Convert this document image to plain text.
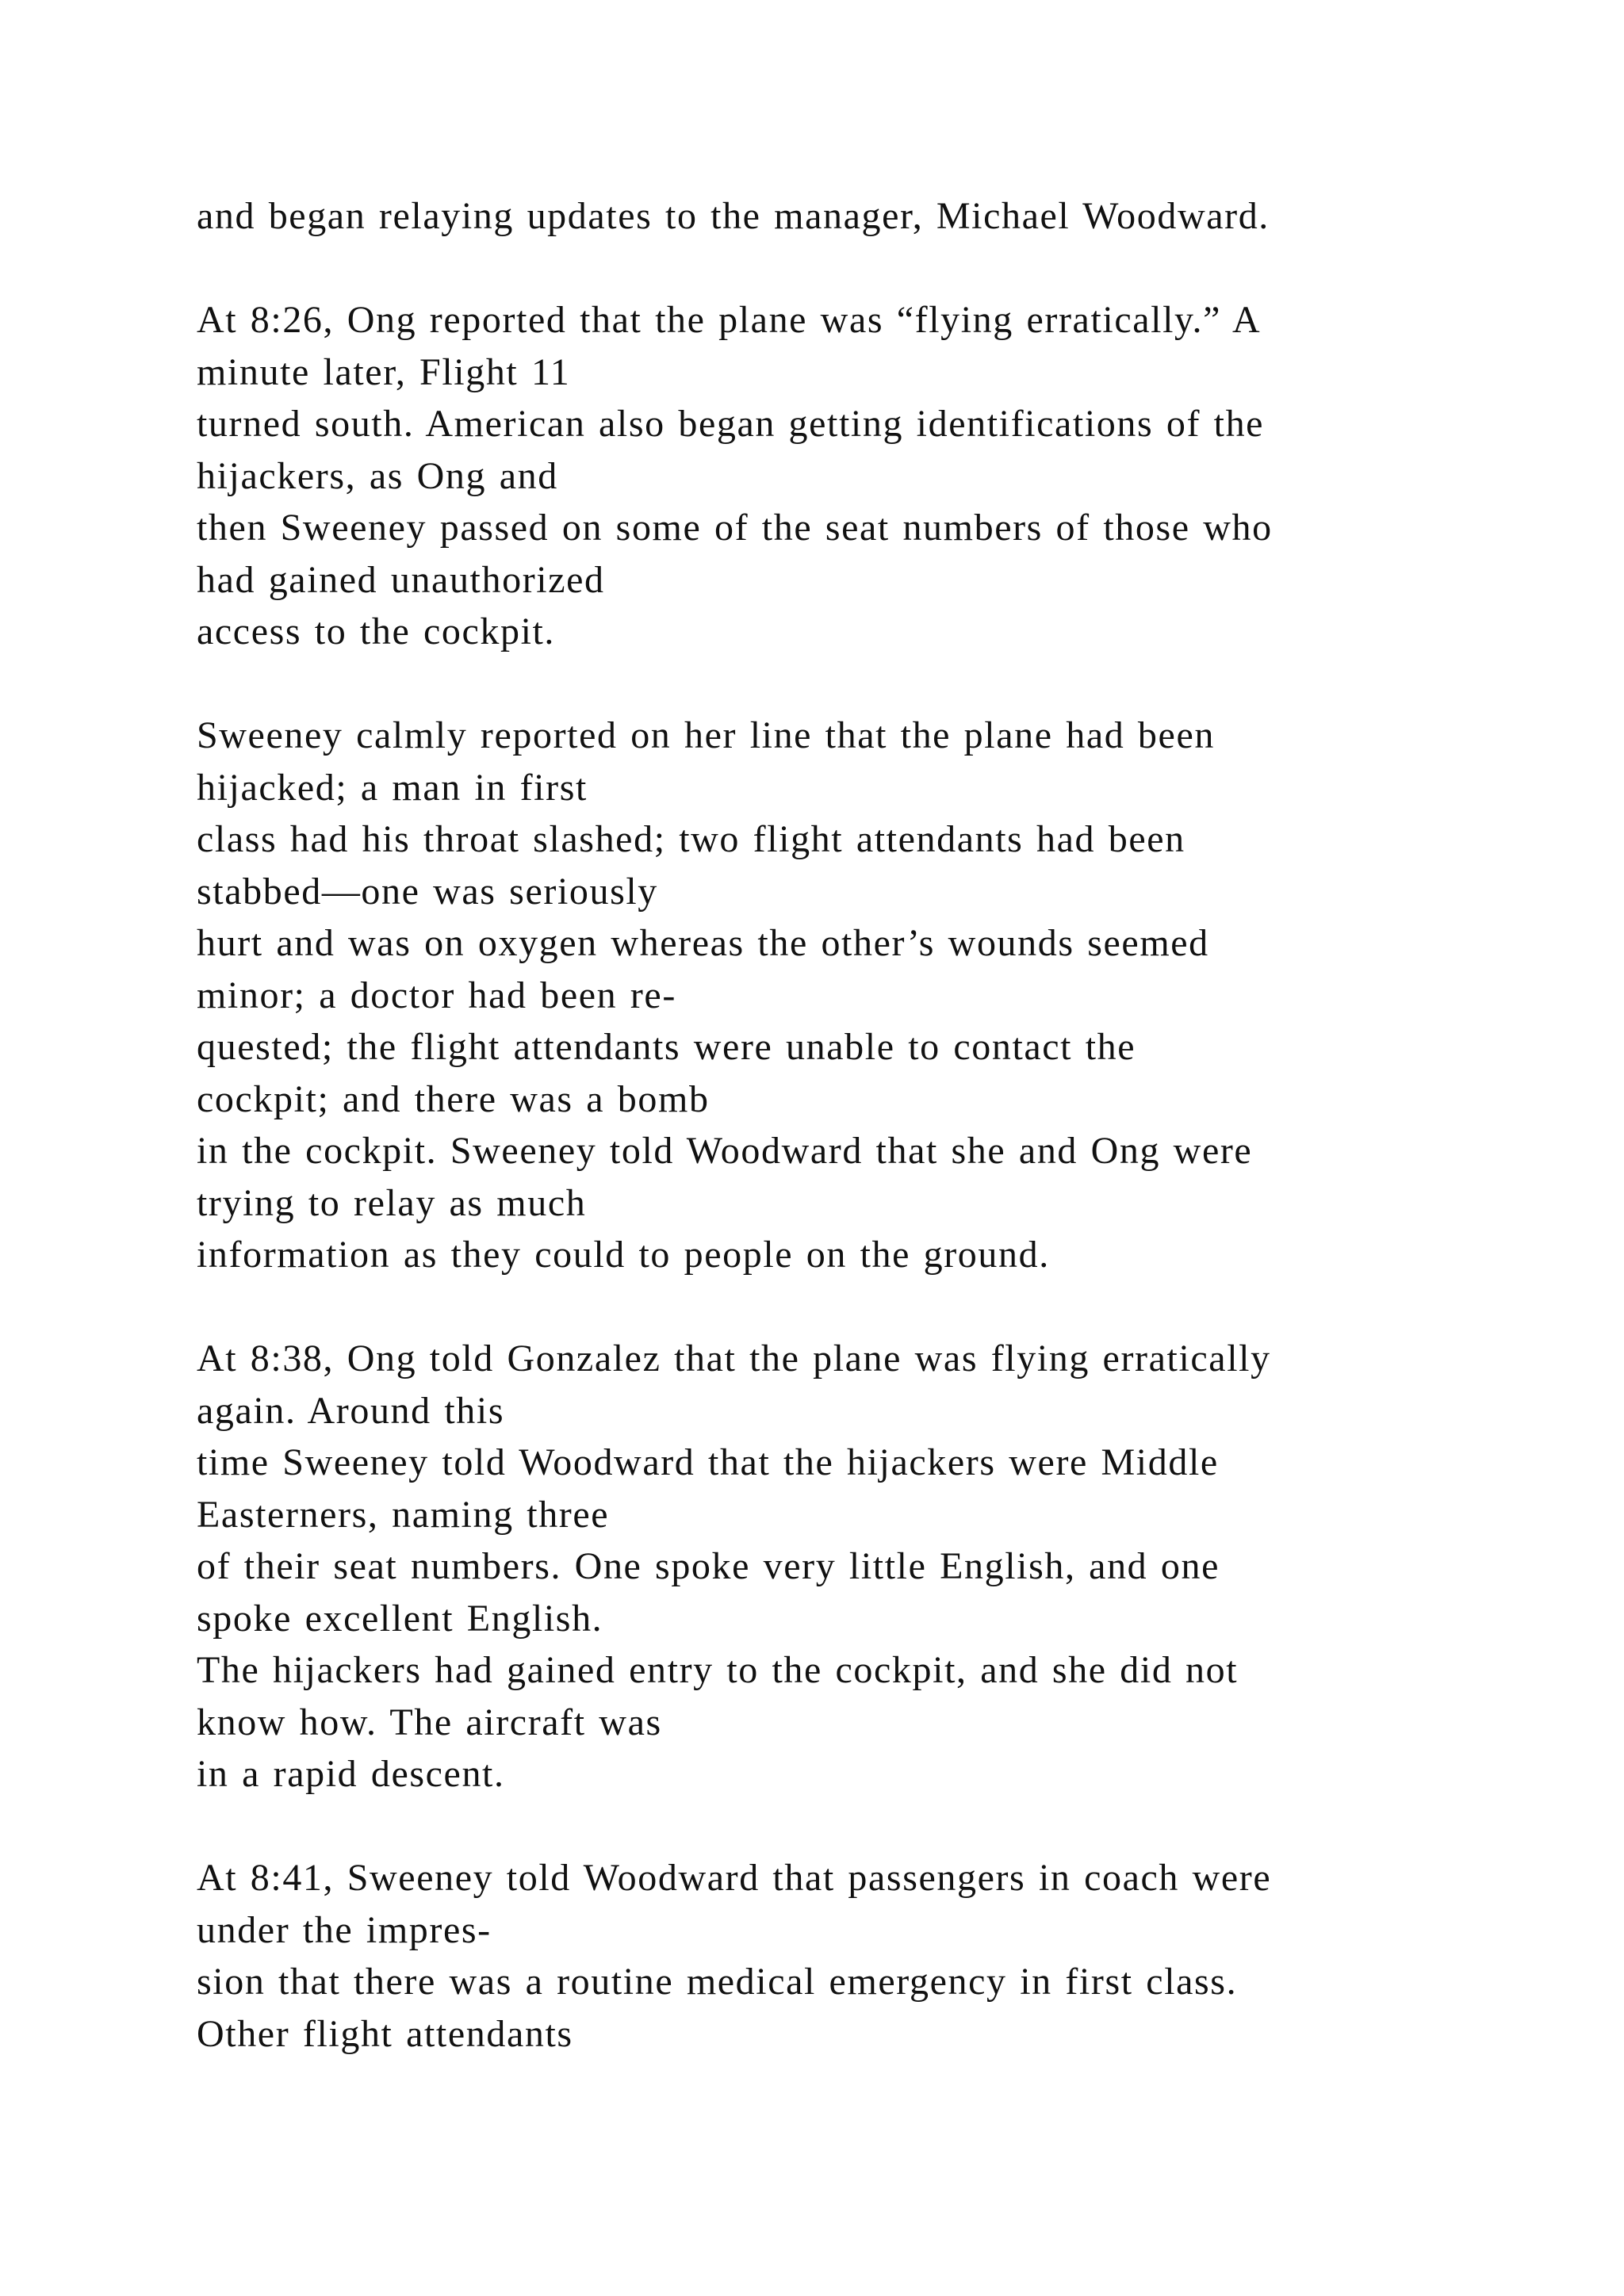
and began relaying updates to the manager, Michael Woodward.
At 8:26, Ong reported that the plane was “flying erratically.” A
minute later, Flight 11
turned south. American also began getting identifications of the
hijackers, as Ong and
then Sweeney passed on some of the seat numbers of those who
had gained unauthorized
access to the cockpit.
Sweeney calmly reported on her line that the plane had been
hijacked; a man in first
class had his throat slashed; two flight attendants had been
stabbed—one was seriously
hurt and was on oxygen whereas the other’s wounds seemed
minor; a doctor had been re-
quested; the flight attendants were unable to contact the
cockpit; and there was a bomb
in the cockpit. Sweeney told Woodward that she and Ong were
trying to relay as much
information as they could to people on the ground.
At 8:38, Ong told Gonzalez that the plane was flying erratically
again. Around this
time Sweeney told Woodward that the hijackers were Middle
Easterners, naming three
of their seat numbers. One spoke very little English, and one
spoke excellent English.
The hijackers had gained entry to the cockpit, and she did not
know how. The aircraft was
in a rapid descent.
At 8:41, Sweeney told Woodward that passengers in coach were
under the impres-
sion that there was a routine medical emergency in first class.
Other flight attendants
